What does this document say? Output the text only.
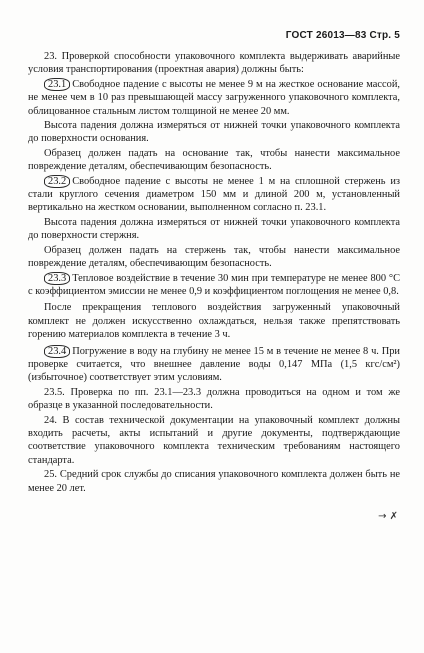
ГОСТ 26013—83 Стр. 5

23. Проверкой способности упаковочного комплекта выдерживать аварийные условия транспортирования (проектная авария) должны быть:

23.1 Свободное падение с высоты не менее 9 м на жесткое основание массой, не менее чем в 10 раз превышающей массу загруженного упаковочного комплекта, облицованное стальным листом толщиной не менее 20 мм.

Высота падения должна измеряться от нижней точки упаковочного комплекта до поверхности основания.

Образец должен падать на основание так, чтобы нанести максимальное повреждение деталям, обеспечивающим безопасность.

23.2 Свободное падение с высоты не менее 1 м на сплошной стержень из стали круглого сечения диаметром 150 мм и длиной 200 м, установленный вертикально на жестком основании, выполненном согласно п. 23.1.

Высота падения должна измеряться от нижней точки упаковочного комплекта до поверхности стержня.

Образец должен падать на стержень так, чтобы нанести максимальное повреждение деталям, обеспечивающим безопасность.

23.3 Тепловое воздействие в течение 30 мин при температуре не менее 800 °С с коэффициентом эмиссии не менее 0,9 и коэффициентом поглощения не менее 0,8.

После прекращения теплового воздействия загруженный упаковочный комплект не должен искусственно охлаждаться, нельзя также препятствовать горению материалов комплекта в течение 3 ч.

23.4 Погружение в воду на глубину не менее 15 м в течение не менее 8 ч. При проверке считается, что внешнее давление воды 0,147 МПа (1,5 кгс/см²) (избыточное) соответствует этим условиям.

23.5. Проверка по пп. 23.1—23.3 должна проводиться на одном и том же образце в указанной последовательности.

24. В состав технической документации на упаковочный комплект должны входить расчеты, акты испытаний и другие документы, подтверждающие соответствие упаковочного комплекта техническим требованиям настоящего стандарта.

25. Средний срок службы до списания упаковочного комплекта должен быть не менее 20 лет.

→ ✗
